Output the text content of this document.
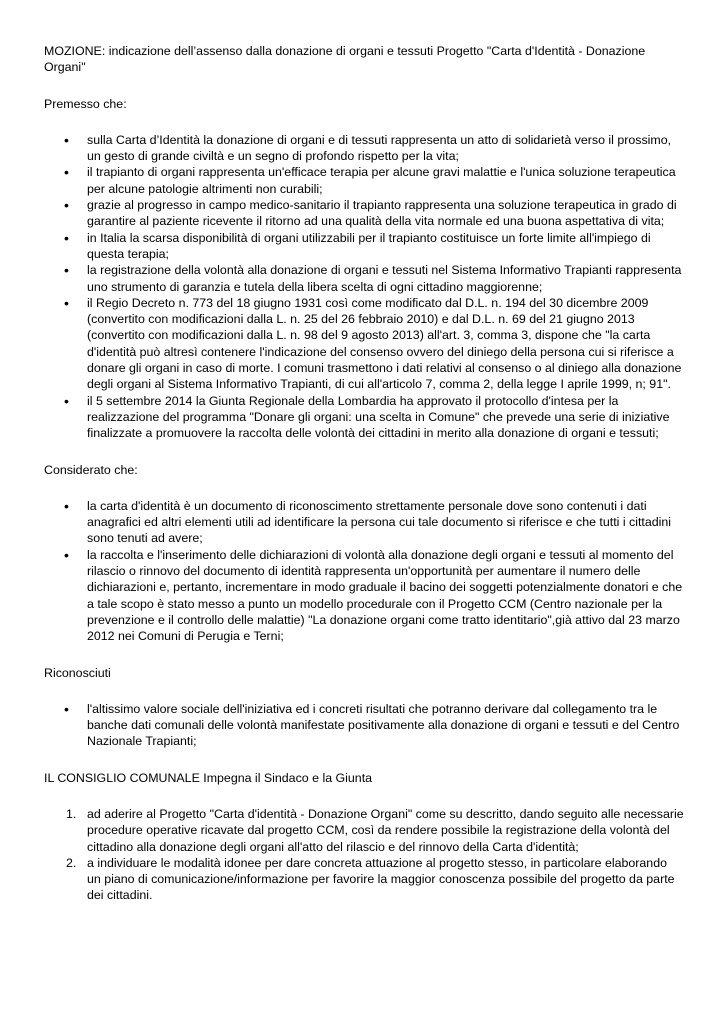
MOZIONE: indicazione dell’assenso dalla donazione di organi e tessuti Progetto "Carta d'Identità - Donazione Organi"

Premesso che:

• sulla Carta d’Identità la donazione di organi e di tessuti rappresenta un atto di solidarietà verso il prossimo, un gesto di grande civiltà e un segno di profondo rispetto per la vita;
• il trapianto di organi rappresenta un'efficace terapia per alcune gravi malattie e l'unica soluzione terapeutica per alcune patologie altrimenti non curabili;
• grazie al progresso in campo medico-sanitario il trapianto rappresenta una soluzione terapeutica in grado di garantire al paziente ricevente il ritorno ad una qualità della vita normale ed una buona aspettativa di vita;
• in Italia la scarsa disponibilità di organi utilizzabili per il trapianto costituisce un forte limite all'impiego di questa terapia;
• la registrazione della volontà alla donazione di organi e tessuti nel Sistema Informativo Trapianti rappresenta uno strumento di garanzia e tutela della libera scelta di ogni cittadino maggiorenne;
• il Regio Decreto n. 773 del 18 giugno 1931 così come modificato dal D.L. n. 194 del 30 dicembre 2009 (convertito con modificazioni dalla L. n. 25 del 26 febbraio 2010) e dal D.L. n. 69 del 21 giugno 2013 (convertito con modificazioni dalla L. n. 98 del 9 agosto 2013) all'art. 3, comma 3, dispone che "la carta d'identità può altresì contenere l'indicazione del consenso ovvero del diniego della persona cui si riferisce a donare gli organi in caso di morte. I comuni trasmettono i dati relativi al consenso o al diniego alla donazione degli organi al Sistema Informativo Trapianti, di cui all'articolo 7, comma 2, della legge I aprile 1999, n; 91".
• il 5 settembre 2014 la Giunta Regionale della Lombardia ha approvato il protocollo d'intesa per la realizzazione del programma "Donare gli organi: una scelta in Comune" che prevede una serie di iniziative finalizzate a promuovere la raccolta delle volontà dei cittadini in merito alla donazione di organi e tessuti;

Considerato che:

• la carta d'identità è un documento di riconoscimento strettamente personale dove sono contenuti i dati anagrafici ed altri elementi utili ad identificare la persona cui tale documento si riferisce e che tutti i cittadini sono tenuti ad avere;
• la raccolta e l'inserimento delle dichiarazioni di volontà alla donazione degli organi e tessuti al momento del rilascio o rinnovo del documento di identità rappresenta un'opportunità per aumentare il numero delle dichiarazioni e, pertanto, incrementare in modo graduale il bacino dei soggetti potenzialmente donatori e che a tale scopo è stato messo a punto un modello procedurale con il Progetto CCM (Centro nazionale per la prevenzione e il controllo delle malattie) "La donazione organi come tratto identitario",già attivo dal 23 marzo 2012 nei Comuni di Perugia e Terni;

Riconosciuti

• l'altissimo valore sociale dell'iniziativa ed i concreti risultati che potranno derivare dal collegamento tra le banche dati comunali delle volontà manifestate positivamente alla donazione di organi e tessuti e del Centro Nazionale Trapianti;

IL CONSIGLIO COMUNALE Impegna il Sindaco e la Giunta

1. ad aderire al Progetto "Carta d'identità - Donazione Organi" come su descritto, dando seguito alle necessarie procedure operative ricavate dal progetto CCM, così da rendere possibile la registrazione della volontà del cittadino alla donazione degli organi all'atto del rilascio e del rinnovo della Carta d'identità;
2. a individuare le modalità idonee per dare concreta attuazione al progetto stesso, in particolare elaborando un piano di comunicazione/informazione per favorire la maggior conoscenza possibile del progetto da parte dei cittadini.
